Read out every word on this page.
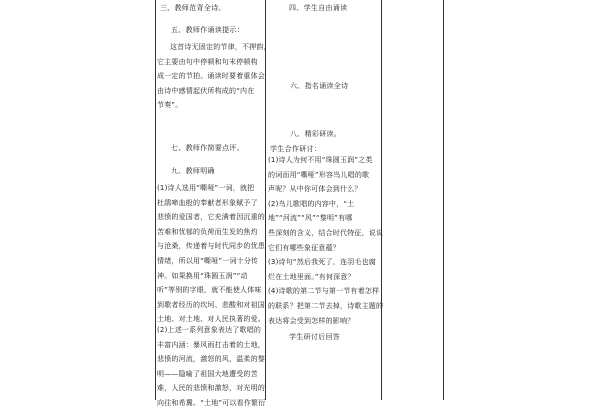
三、教师范背全诗。
五、教师作诵读提示：
这首诗无固定的节律，不押韵，
它主要由句中停顿和句末停顿构
成一定的节拍。诵读时要着重体会
由诗中感情起伏所构成的“内在
节奏”。
七、教师作简要点评。
九、教师明确
(1)诗人选用“嘶哑”一词，就把
杜鹃啼血般的奉献者形象赋予了
悲愤的爱国者，它充满着因沉重的
苦难和忧郁的负荷而生发的焦灼
与沧桑，传递着与时代同步的忧患
情绪，所以用“嘶哑”一词十分传
神。如果换用“珠圆玉润”“动
听”等别的字眼，就不能使人体味
到歌者经历的坎坷、悲酸和对祖国
土地、对土地、对人民执著的爱。
(2)上述一系列意象表达了歌唱的
丰富内涵：暴风雨打击着的土地，
悲愤的河流，激怒的风，温柔的黎
明——隐喻了祖国大地遭受的苦
难，人民的悲愤和激怒，对光明的
向往和希冀。“土地”可以看作繁衍
四、学生自由诵读
六、指名诵读全诗
八、精彩研读。
学生合作研讨：
(1)诗人为何不用“珠圆玉润”之类
的词而用“嘶哑”形容鸟儿唱的歌
声呢？从中你可体会到什么？
(2)鸟儿歌唱的内容中，“土
地”“河流”“风”“黎明”有哪
些深刻的含义，结合时代特征，说说
它们有哪些象征意蕴？
(3)诗句“然后我死了，连羽毛也腐
烂在土地里面。”有何深意？
(4)诗歌的第二节与第一节有着怎样
的联系？把第二节去掉，诗歌主题的
表达将会受到怎样的影响？
学生研讨后回答
